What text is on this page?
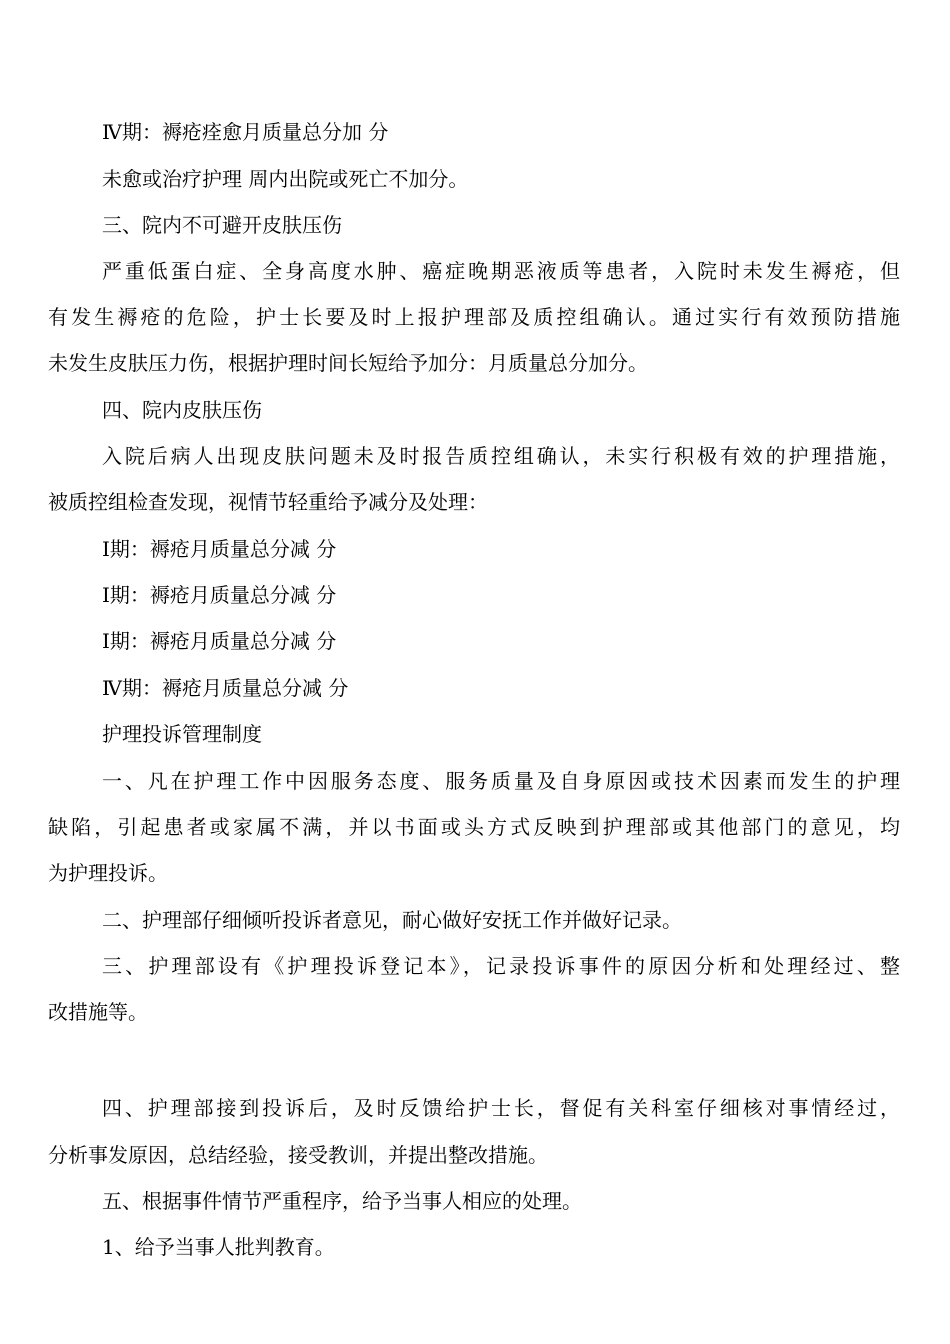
Ⅳ期：褥疮痊愈月质量总分加 分
未愈或治疗护理 周内出院或死亡不加分。
三、院内不可避开皮肤压伤
严重低蛋白症、全身高度水肿、癌症晚期恶液质等患者，入院时未发生褥疮，但
有发生褥疮的危险，护士长要及时上报护理部及质控组确认。通过实行有效预防措施
未发生皮肤压力伤，根据护理时间长短给予加分：月质量总分加分。
四、院内皮肤压伤
入院后病人出现皮肤问题未及时报告质控组确认，未实行积极有效的护理措施，
被质控组检查发现，视情节轻重给予减分及处理：
Ⅰ期：褥疮月质量总分减 分
Ⅰ期：褥疮月质量总分减 分
Ⅰ期：褥疮月质量总分减 分
Ⅳ期：褥疮月质量总分减 分
护理投诉管理制度
一、凡在护理工作中因服务态度、服务质量及自身原因或技术因素而发生的护理
缺陷，引起患者或家属不满，并以书面或头方式反映到护理部或其他部门的意见，均
为护理投诉。
二、护理部仔细倾听投诉者意见，耐心做好安抚工作并做好记录。
三、护理部设有《护理投诉登记本》，记录投诉事件的原因分析和处理经过、整
改措施等。
四、护理部接到投诉后，及时反馈给护士长，督促有关科室仔细核对事情经过，
分析事发原因，总结经验，接受教训，并提出整改措施。
五、根据事件情节严重程序，给予当事人相应的处理。
1、给予当事人批判教育。
